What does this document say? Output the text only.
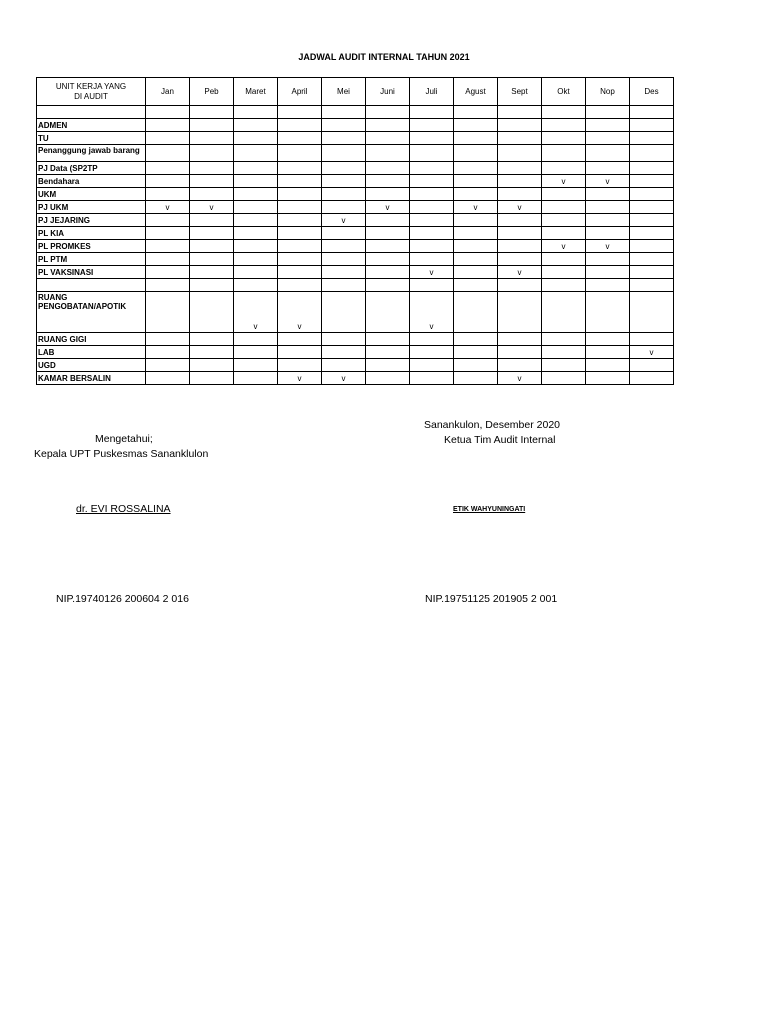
JADWAL AUDIT INTERNAL TAHUN 2021
UNIT KERJA YANG DI AUDIT	Jan	Peb	Maret	April	Mei	Juni	Juli	Agust	Sept	Okt	Nop	Des

ADMEN												
TU												
Penanggung jawab barang												
PJ Data (SP2TP												
Bendahara										v	v	
UKM												
PJ UKM	v	v				v		v	v			
PJ JEJARING					v							
PL KIA												
PL PROMKES										v	v	
PL PTM												
PL VAKSINASI							v		v			

RUANG PENGOBATAN/APOTIK			v	v			v					
RUANG GIGI												
LAB												v
UGD												
KAMAR BERSALIN				v	v				v			
Mengetahui;
Kepala UPT Puskesmas Sananklulon
Sanankulon, Desember 2020
Ketua Tim Audit Internal
dr. EVI ROSSALINA	ETIK WAHYUNINGATI
NIP.19740126 200604 2 016	NIP.19751125 201905 2 001
